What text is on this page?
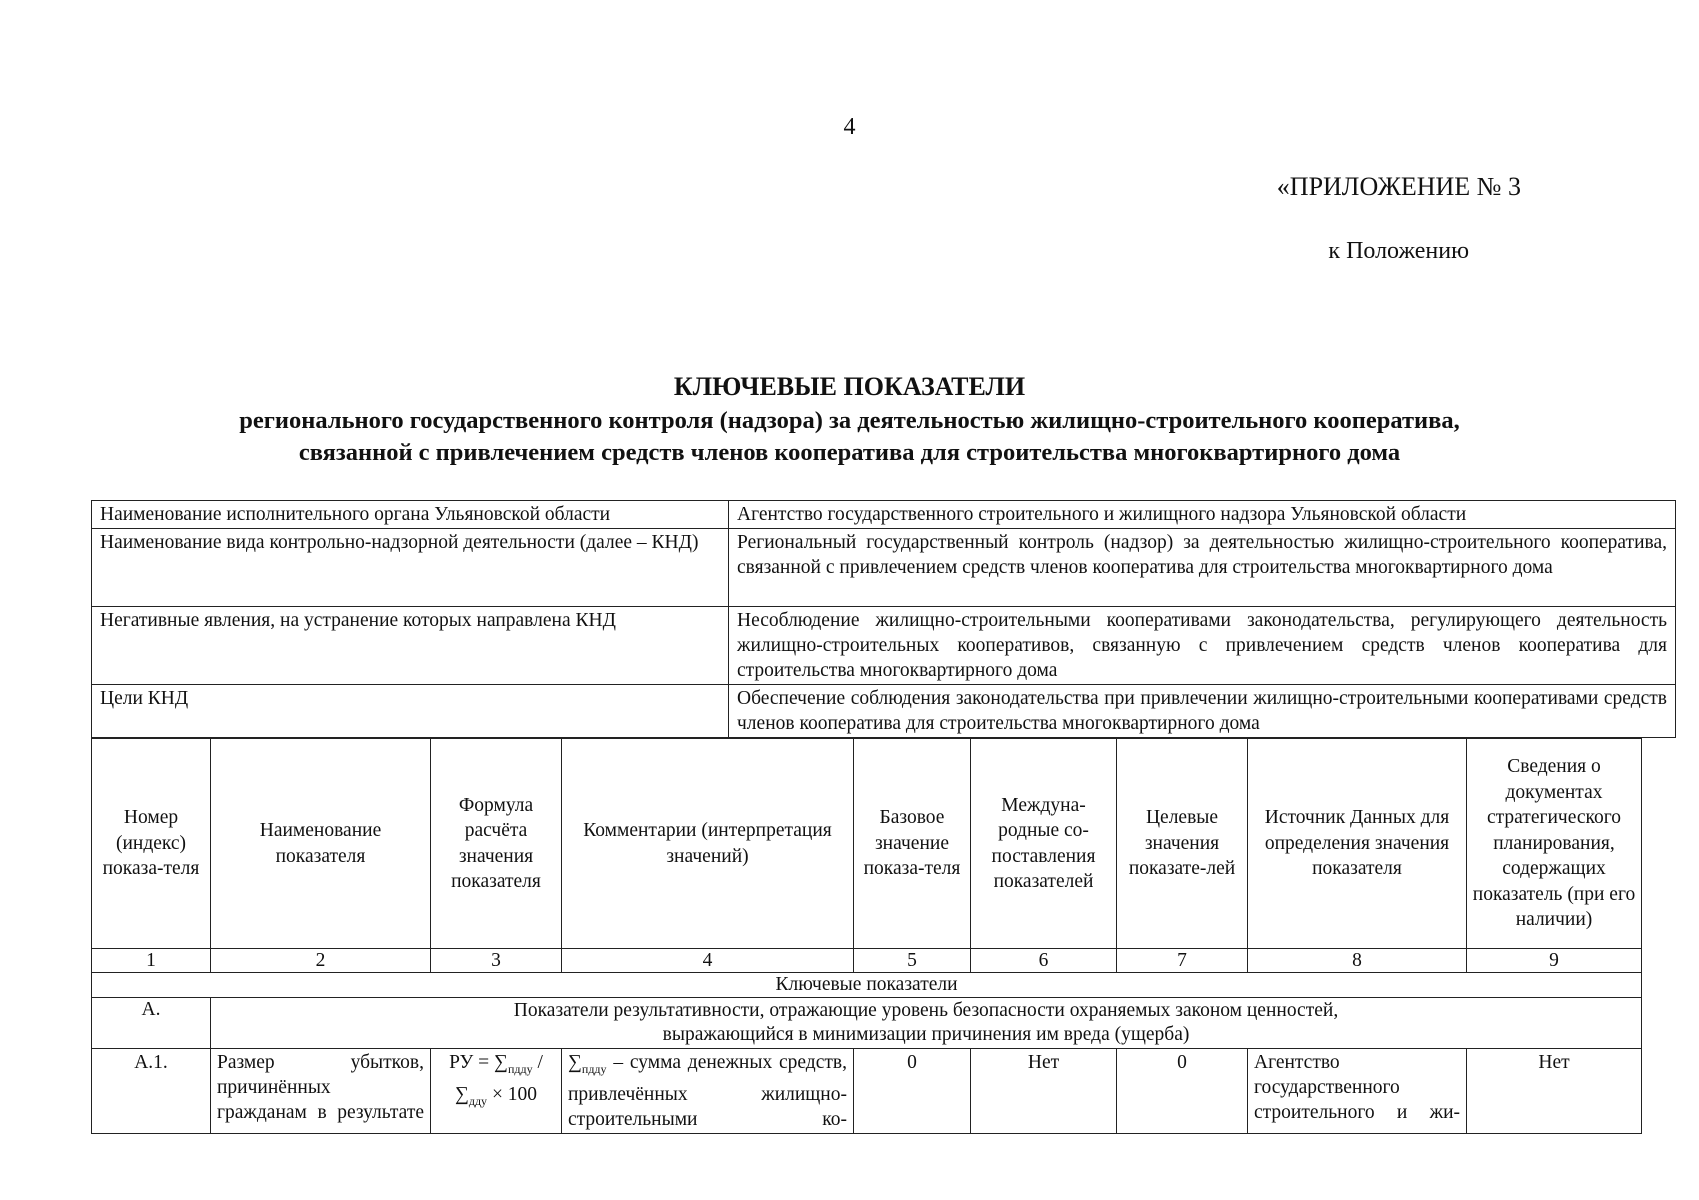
4
«ПРИЛОЖЕНИЕ № 3
к Положению
КЛЮЧЕВЫЕ ПОКАЗАТЕЛИ
регионального государственного контроля (надзора) за деятельностью жилищно-строительного кооператива,
связанной с привлечением средств членов кооператива для строительства многоквартирного дома
Наименование исполнительного органа Ульяновской области	Агентство государственного строительного и жилищного надзора Ульяновской области
Наименование вида контрольно-надзорной деятельности (далее – КНД)	Региональный государственный контроль (надзор) за деятельностью жилищно-строительного кооператива, связанной с привлечением средств членов кооператива для строительства многоквартирного дома
Негативные явления, на устранение которых направлена КНД	Несоблюдение жилищно-строительными кооперативами законодательства, регулирующего деятельность жилищно-строительных кооперативов, связанную с привлечением средств членов кооператива для строительства многоквартирного дома
Цели КНД	Обеспечение соблюдения законодательства при привлечении жилищно-строительными кооперативами средств членов кооператива для строительства многоквартирного дома
Номер (индекс) показа-теля	Наименование показателя	Формула расчёта значения показателя	Комментарии (интерпретация значений)	Базовое значение показа-теля	Междуна-родные со-поставления показателей	Целевые значения показате-лей	Источник Данных для определения значения показателя	Сведения о документах стратегического планирования, содержащих показатель (при его наличии)
1	2	3	4	5	6	7	8	9
Ключевые показатели								
А.	Показатели результативности, отражающие уровень безопасности охраняемых законом ценностей,
выражающийся в минимизации причинения им вреда (ущерба)							

А.1.	Размер убытков, причинённых гражданам в результате	РУ = $\sum_{пдду} / \sum_{дду} \times 100$	$\sum_{пдду}$ – сумма денежных средств, привлечённых жилищно-строительными ко-	0	Нет	0	Агентство государственного строительного и жи-	Нет
